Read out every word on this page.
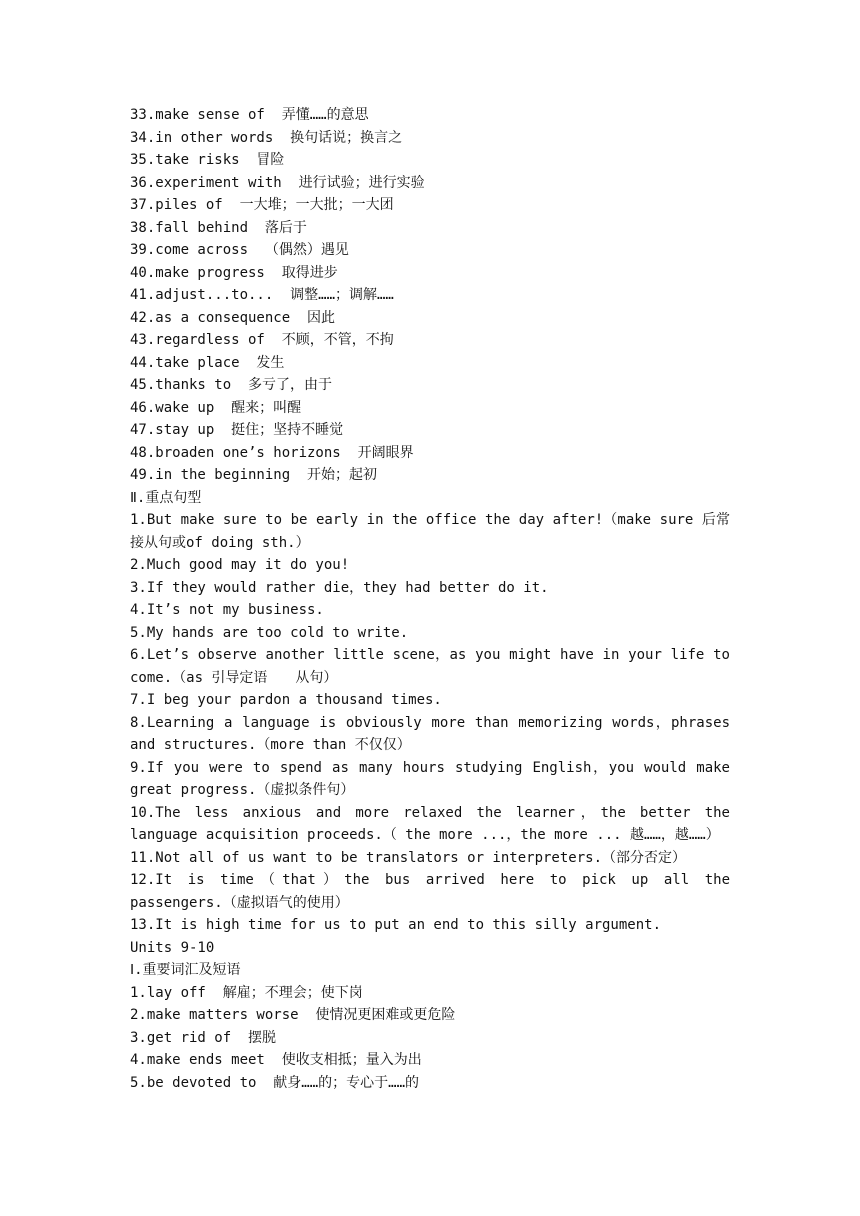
33.make sense of  弄懂……的意思
34.in other words  换句话说；换言之
35.take risks  冒险
36.experiment with  进行试验；进行实验
37.piles of  一大堆；一大批；一大团
38.fall behind  落后于
39.come across  （偶然）遇见
40.make progress  取得进步
41.adjust...to...  调整……；调解……
42.as a consequence  因此
43.regardless of  不顾，不管，不拘
44.take place  发生
45.thanks to  多亏了，由于
46.wake up  醒来；叫醒
47.stay up  挺住；坚持不睡觉
48.broaden one’s horizons  开阔眼界
49.in the beginning  开始；起初
Ⅱ.重点句型
1.But make sure to be early in the office the day after!（make sure 后常接从句或of doing sth.）
2.Much good may it do you!
3.If they would rather die，they had better do it.
4.It’s not my business.
5.My hands are too cold to write.
6.Let’s observe another little scene，as you might have in your life to come.（as 引导定语　　从句）
7.I beg your pardon a thousand times.
8.Learning a language is obviously more than memorizing words，phrases and structures.（more than 不仅仅）
9.If you were to spend as many hours studying English，you would make great progress.（虚拟条件句）
10.The less anxious and more relaxed the learner，the better the language acquisition proceeds.（ the more ...，the more ... 越……，越……）
11.Not all of us want to be translators or interpreters.（部分否定）
12.It is time（that）the bus arrived here to pick up all the passengers.（虚拟语气的使用）
13.It is high time for us to put an end to this silly argument.
Units 9-10
Ⅰ.重要词汇及短语
1.lay off  解雇；不理会；使下岗
2.make matters worse  使情况更困难或更危险
3.get rid of  摆脱
4.make ends meet  使收支相抵；量入为出
5.be devoted to  献身……的；专心于……的
